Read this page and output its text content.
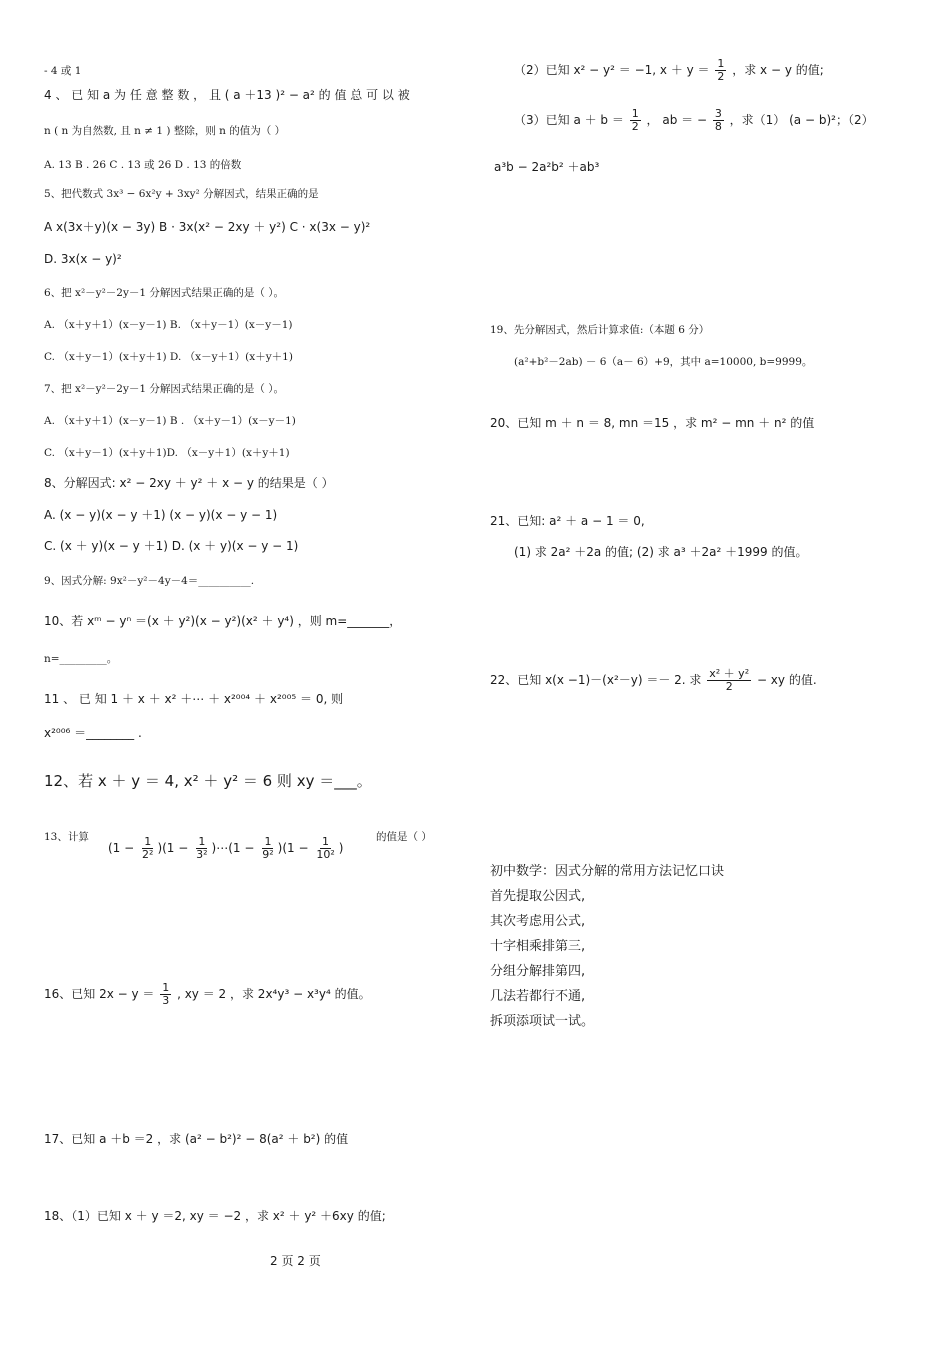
- 4 或 1
4 、 已 知 a 为 任 意 整 数 ， 且 ( a ＋13 )² − a² 的 值 总 可 以 被
n ( n 为自然数, 且 n ≠ 1 ) 整除，则 n 的值为（ ）
A. 13 B . 26 C . 13 或 26 D . 13 的倍数
5、把代数式 3x³ − 6x²y + 3xy² 分解因式，结果正确的是
A x(3x＋y)(x − 3y) B · 3x(x² − 2xy ＋ y²) C · x(3x − y)²
D. 3x(x − y)²
6、把 x²－y²－2y－1 分解因式结果正确的是（ ）。
A. （x＋y＋1）(x－y－1) B. （x＋y－1）(x－y－1)
C. （x＋y－1）(x＋y＋1) D. （x－y＋1）(x＋y＋1)
7、把 x²－y²－2y－1 分解因式结果正确的是（ ）。
A. （x＋y＋1）(x－y－1) B . （x＋y－1）(x－y－1)
C. （x＋y－1）(x＋y＋1)D. （x－y＋1）(x＋y＋1)
8、分解因式: x² − 2xy ＋ y² ＋ x − y 的结果是（ ）
A. (x − y)(x − y ＋1) (x − y)(x − y − 1)
C. (x ＋ y)(x − y ＋1) D. (x ＋ y)(x − y − 1)
9、因式分解: 9x²－y²－4y－4＝__________.
10、若 xᵐ − yⁿ ＝(x ＋ y²)(x − y²)(x² ＋ y⁴) ，则 m=_______，
n=_________。
11 、 已 知 1 ＋ x ＋ x² ＋⋯ ＋ x²⁰⁰⁴ ＋ x²⁰⁰⁵ ＝ 0, 则
x²⁰⁰⁶ ＝________ .
12、若 x ＋ y ＝ 4, x² ＋ y² ＝ 6 则 xy ＝___。
13、计算
$(1 - \frac{1}{\text{2²}} )(1 - \frac{1}{\text{3²}}$ )⋯(1 − $\frac{1}{\text{9²}} )(1 - \frac{1}{\text{10²}}$ )
的值是（ ）
16、已知 $2x - y = \frac{1}{3}$ , xy ＝ 2 ，求 2x⁴y³ − x³y⁴ 的值。
17、已知 a ＋b ＝2 ，求 (a² − b²)² − 8(a² ＋ b²) 的值
18、（1）已知 x ＋ y ＝2, xy ＝ −2 ，求 x² ＋ y² ＋6xy 的值;
（2）已知 x² − y² ＝ −1, $x + y = \frac{1}{2}$ ，求 x − y 的值;
（3）已知 $a + b = \frac{1}{2}$ ， ab ＝ − $\frac{3}{8}$ ，求（1） (a − b)²；（2）
a³b − 2a²b² ＋ab³
19、先分解因式，然后计算求值:（本题 6 分）
(a²+b²－2ab) － 6（a－ 6）+9，其中 a=10000, b=9999。
20、已知 m ＋ n ＝ 8, mn ＝15 ，求 m² − mn ＋ n² 的值
21、已知: a² ＋ a − 1 ＝ 0,
(1) 求 2a² ＋2a 的值; (2) 求 a³ ＋2a² ＋1999 的值。
22、已知 x(x −1)－(x²－y) ＝－ 2. 求 $\frac{\text{x² ＋ y²}}{2}$ − xy 的值.
初中数学：因式分解的常用方法记忆口诀
首先提取公因式,
其次考虑用公式,
十字相乘排第三,
分组分解排第四,
几法若都行不通,
拆项添项试一试。
2 页 2 页
